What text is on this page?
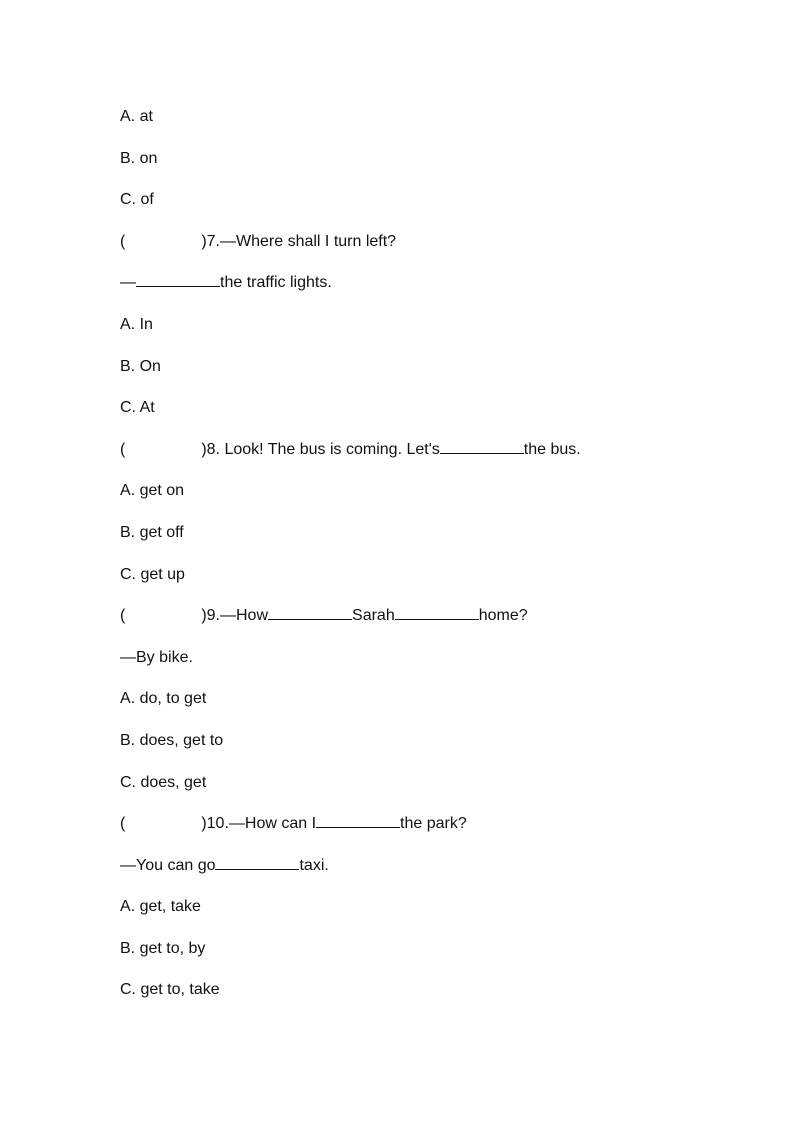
A. at
B. on
C. of
(	)7.—Where shall I turn left?
—	the traffic lights.
A. In
B. On
C. At
(	)8. Look! The bus is coming. Let's	the bus.
A. get on
B. get off
C. get up
(	)9.—How	Sarah	home?
—By bike.
A. do, to get
B. does, get to
C. does, get
(	)10.—How can I	the park?
—You can go	taxi.
A. get, take
B. get to, by
C. get to, take
